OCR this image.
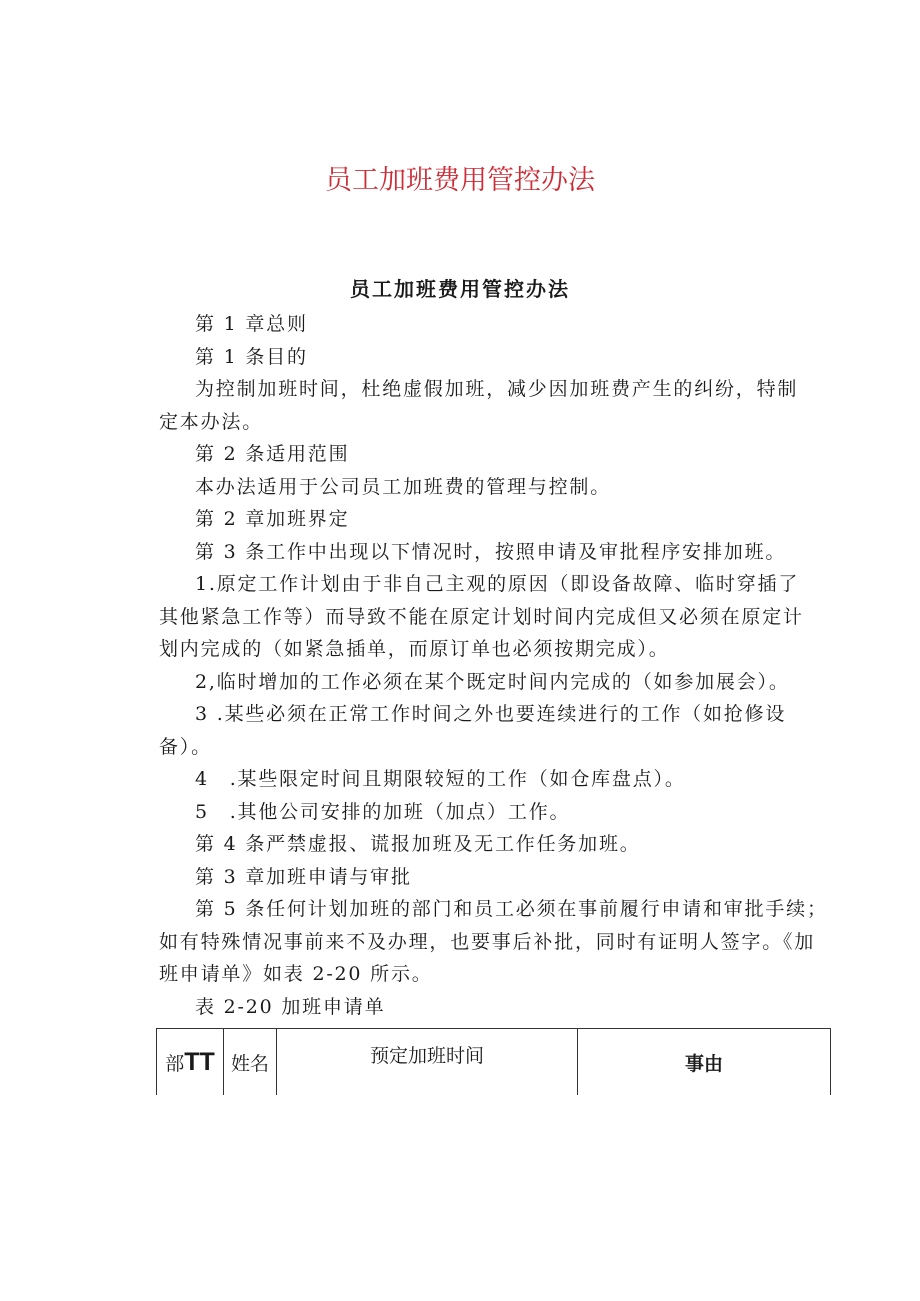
员工加班费用管控办法
员工加班费用管控办法

第 1 章总则

第 1 条目的

为控制加班时间，杜绝虚假加班，减少因加班费产生的纠纷，特制

定本办法。

第 2 条适用范围

本办法适用于公司员工加班费的管理与控制。

第 2 章加班界定

第 3 条工作中出现以下情况时，按照申请及审批程序安排加班。

1.原定工作计划由于非自己主观的原因（即设备故障、临时穿插了

其他紧急工作等）而导致不能在原定计划时间内完成但又必须在原定计

划内完成的（如紧急插单，而原订单也必须按期完成）。

2,临时增加的工作必须在某个既定时间内完成的（如参加展会）。

3 .某些必须在正常工作时间之外也要连续进行的工作（如抢修设

备）。

4　.某些限定时间且期限较短的工作（如仓库盘点）。

5　.其他公司安排的加班（加点）工作。

第 4 条严禁虚报、谎报加班及无工作任务加班。

第 3 章加班申请与审批

第 5 条任何计划加班的部门和员工必须在事前履行申请和审批手续；

如有特殊情况事前来不及办理，也要事后补批，同时有证明人签字。《加

班申请单》如表 2-20 所示。

表 2-20 加班申请单

部TT	姓名	预定加班时间	事由
